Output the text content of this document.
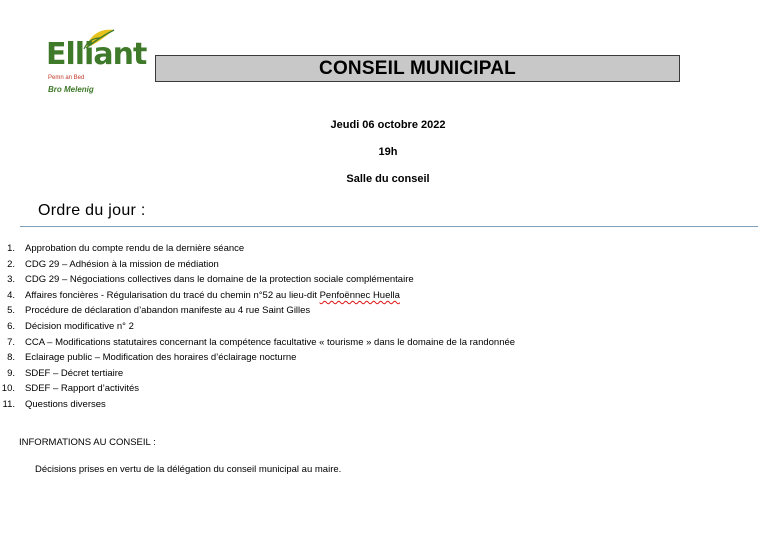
Elliant
Pemn an Bed
Bro Melenig
CONSEIL MUNICIPAL
Jeudi 06 octobre 2022
19h
Salle du conseil
Ordre du jour :
1.	Approbation du compte rendu de la dernière séance
2.	CDG 29 – Adhésion à la mission de médiation
3.	CDG 29 – Négociations collectives dans le domaine de la protection sociale complémentaire
4.	Affaires foncières - Régularisation du tracé du chemin n°52 au lieu-dit Penfoënnec Huella
5.	Procédure de déclaration d’abandon manifeste au 4 rue Saint Gilles
6.	Décision modificative n° 2
7.	CCA – Modifications statutaires concernant la compétence facultative « tourisme » dans le domaine de la randonnée
8.	Eclairage public – Modification des horaires d’éclairage nocturne
9.	SDEF – Décret tertiaire
10.	SDEF – Rapport d’activités
11.	Questions diverses
INFORMATIONS AU CONSEIL :
Décisions prises en vertu de la délégation du conseil municipal au maire.
